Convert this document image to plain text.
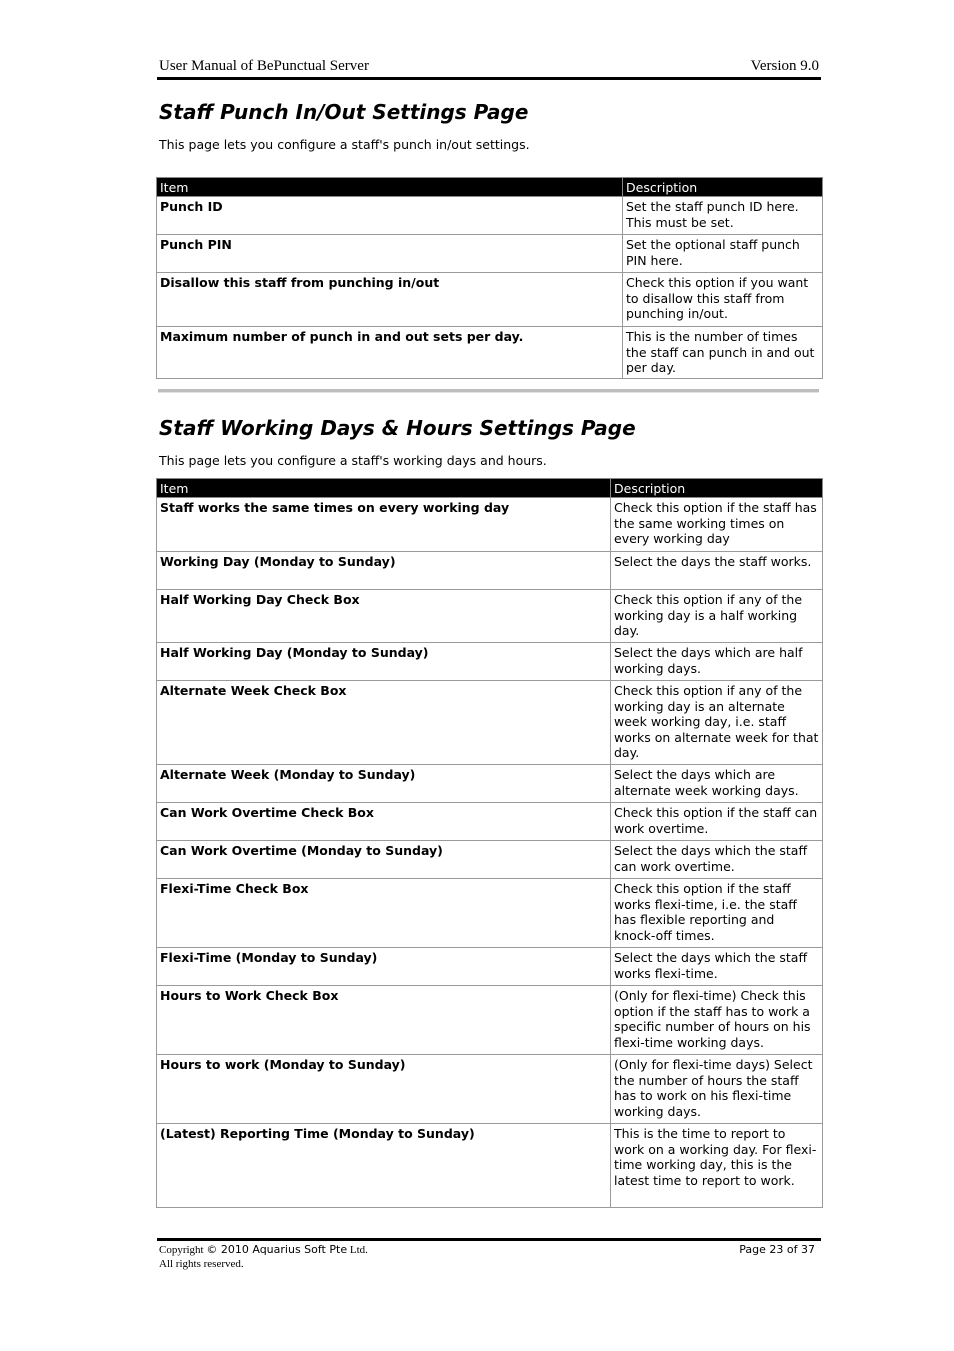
User Manual of BePunctual Server	Version 9.0
Staff Punch In/Out Settings Page

This page lets you configure a staff's punch in/out settings.

Item	Description
Punch ID	Set the staff punch ID here. This must be set.
Punch PIN	Set the optional staff punch PIN here.
Disallow this staff from punching in/out	Check this option if you want to disallow this staff from punching in/out.
Maximum number of punch in and out sets per day.	This is the number of times the staff can punch in and out per day.
Staff Working Days & Hours Settings Page

This page lets you configure a staff's working days and hours.

Item	Description
Staff works the same times on every working day	Check this option if the staff has the same working times on every working day
Working Day (Monday to Sunday)	Select the days the staff works.
Half Working Day Check Box	Check this option if any of the working day is a half working day.
Half Working Day (Monday to Sunday)	Select the days which are half working days.
Alternate Week Check Box	Check this option if any of the working day is an alternate week working day, i.e. staff works on alternate week for that day.
Alternate Week (Monday to Sunday)	Select the days which are alternate week working days.
Can Work Overtime Check Box	Check this option if the staff can work overtime.
Can Work Overtime (Monday to Sunday)	Select the days which the staff can work overtime.
Flexi-Time Check Box	Check this option if the staff works flexi-time, i.e. the staff has flexible reporting and knock-off times.
Flexi-Time (Monday to Sunday)	Select the days which the staff works flexi-time.
Hours to Work Check Box	(Only for flexi-time) Check this option if the staff has to work a specific number of hours on his flexi-time working days.
Hours to work (Monday to Sunday)	(Only for flexi-time days) Select the number of hours the staff has to work on his flexi-time working days.
(Latest) Reporting Time (Monday to Sunday)	This is the time to report to work on a working day. For flexi-time working day, this is the latest time to report to work.
Copyright © 2010 Aquarius Soft Pte Ltd.
All rights reserved.
Page 23 of 37
